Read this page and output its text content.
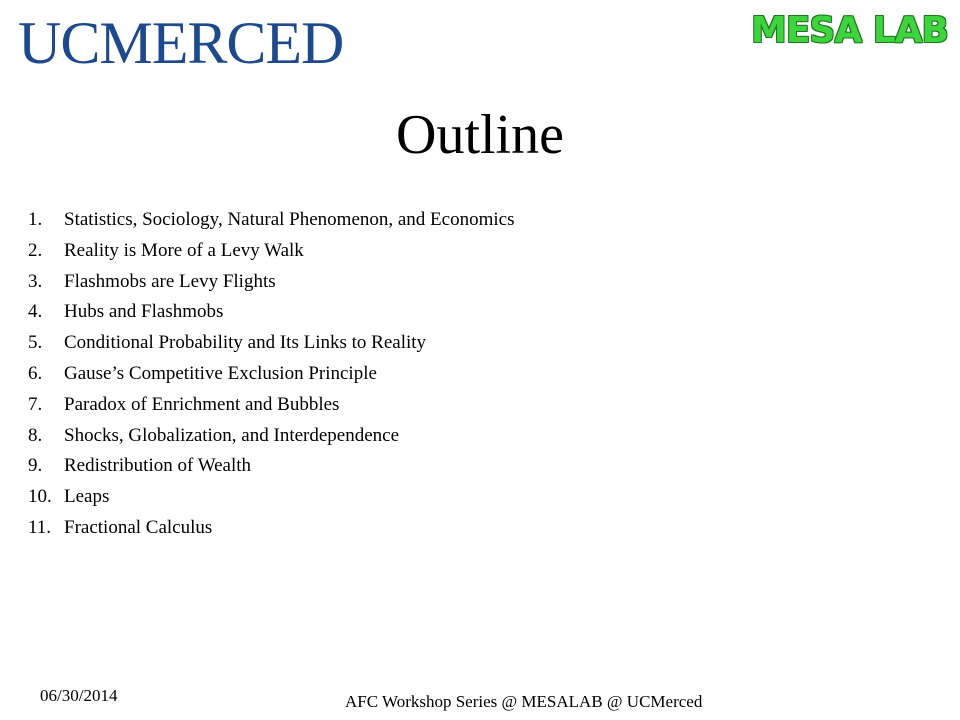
UCMERCED	MESA LAB
Outline
1. Statistics, Sociology, Natural Phenomenon, and Economics
2. Reality is More of a Levy Walk
3. Flashmobs are Levy Flights
4. Hubs and Flashmobs
5. Conditional Probability and Its Links to Reality
6. Gause’s Competitive Exclusion Principle
7. Paradox of Enrichment and Bubbles
8. Shocks, Globalization, and Interdependence
9. Redistribution of Wealth
10. Leaps
11. Fractional Calculus
06/30/2014	AFC Workshop Series @ MESALAB @ UCMerced
